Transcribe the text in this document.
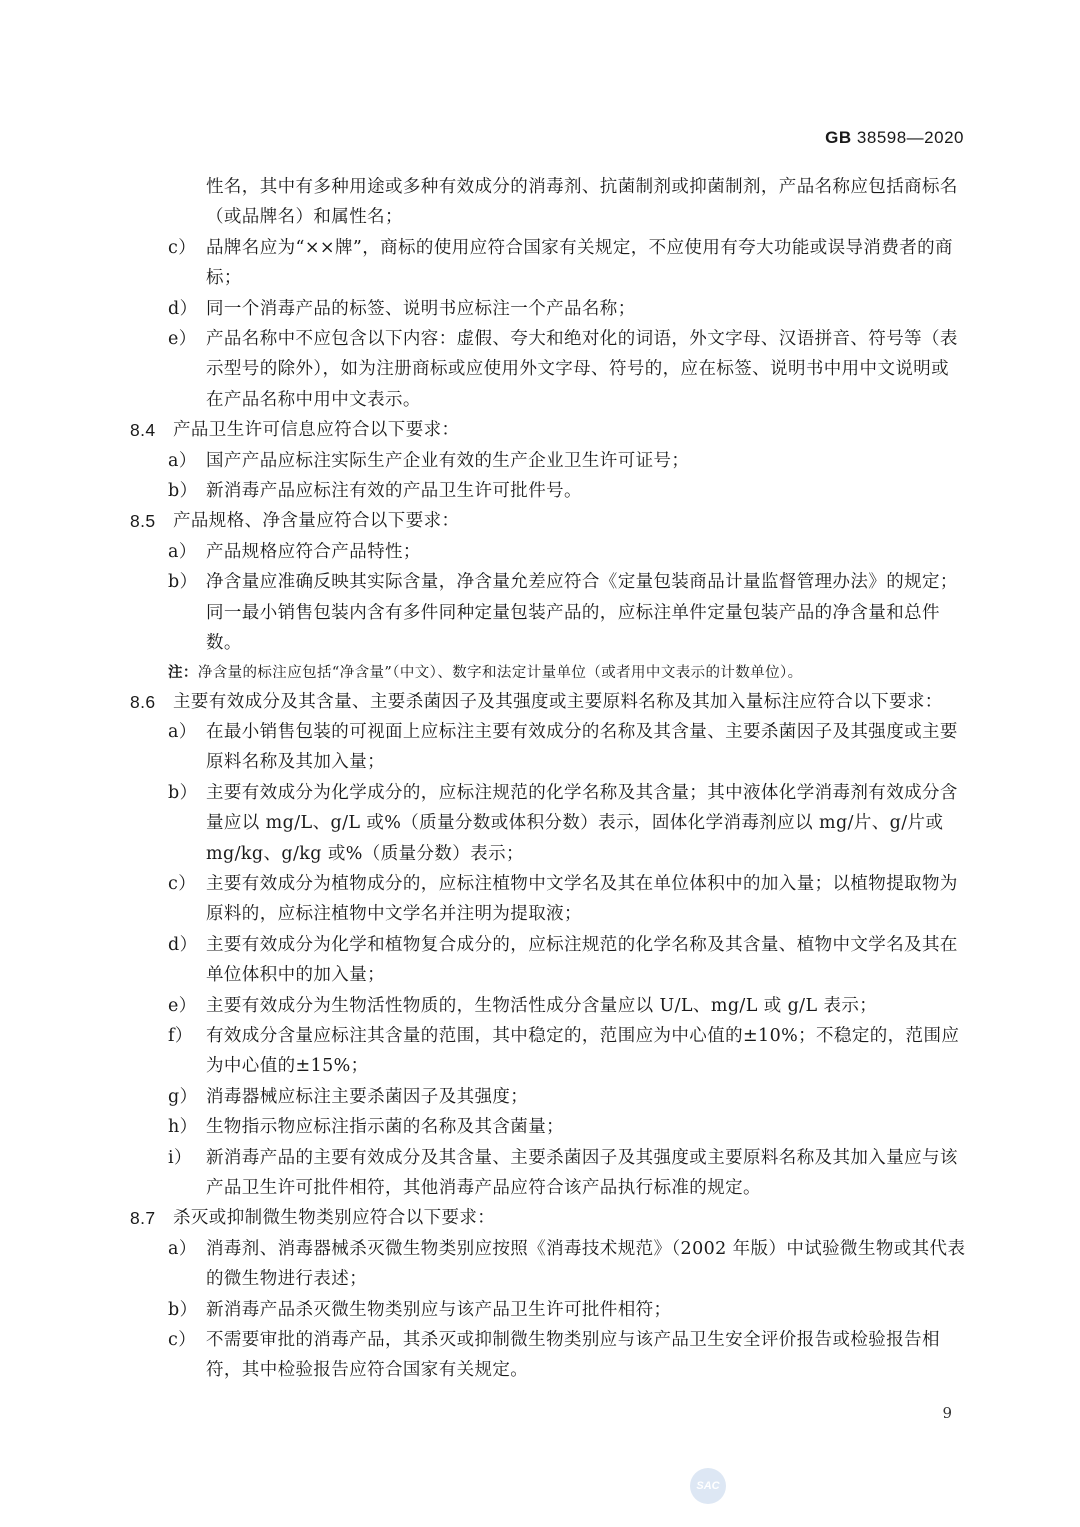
GB 38598—2020
性名，其中有多种用途或多种有效成分的消毒剂、抗菌制剂或抑菌制剂，产品名称应包括商标名（或品牌名）和属性名；
c） 品牌名应为“××牌”，商标的使用应符合国家有关规定，不应使用有夸大功能或误导消费者的商标；
d） 同一个消毒产品的标签、说明书应标注一个产品名称；
e） 产品名称中不应包含以下内容：虚假、夸大和绝对化的词语，外文字母、汉语拼音、符号等（表示型号的除外），如为注册商标或应使用外文字母、符号的，应在标签、说明书中用中文说明或在产品名称中用中文表示。
8.4 产品卫生许可信息应符合以下要求：
a） 国产产品应标注实际生产企业有效的生产企业卫生许可证号；
b） 新消毒产品应标注有效的产品卫生许可批件号。
8.5 产品规格、净含量应符合以下要求：
a） 产品规格应符合产品特性；
b） 净含量应准确反映其实际含量，净含量允差应符合《定量包装商品计量监督管理办法》的规定；同一最小销售包装内含有多件同种定量包装产品的，应标注单件定量包装产品的净含量和总件数。
注：净含量的标注应包括“净含量”（中文）、数字和法定计量单位（或者用中文表示的计数单位）。
8.6 主要有效成分及其含量、主要杀菌因子及其强度或主要原料名称及其加入量标注应符合以下要求：
a） 在最小销售包装的可视面上应标注主要有效成分的名称及其含量、主要杀菌因子及其强度或主要原料名称及其加入量；
b） 主要有效成分为化学成分的，应标注规范的化学名称及其含量；其中液体化学消毒剂有效成分含量应以 mg/L、g/L 或%（质量分数或体积分数）表示，固体化学消毒剂应以 mg/片、g/片或 mg/kg、g/kg 或%（质量分数）表示；
c） 主要有效成分为植物成分的，应标注植物中文学名及其在单位体积中的加入量；以植物提取物为原料的，应标注植物中文学名并注明为提取液；
d） 主要有效成分为化学和植物复合成分的，应标注规范的化学名称及其含量、植物中文学名及其在单位体积中的加入量；
e） 主要有效成分为生物活性物质的，生物活性成分含量应以 U/L、mg/L 或 g/L 表示；
f） 有效成分含量应标注其含量的范围，其中稳定的，范围应为中心值的±10%；不稳定的，范围应为中心值的±15%；
g） 消毒器械应标注主要杀菌因子及其强度；
h） 生物指示物应标注指示菌的名称及其含菌量；
i） 新消毒产品的主要有效成分及其含量、主要杀菌因子及其强度或主要原料名称及其加入量应与该产品卫生许可批件相符，其他消毒产品应符合该产品执行标准的规定。
8.7 杀灭或抑制微生物类别应符合以下要求：
a） 消毒剂、消毒器械杀灭微生物类别应按照《消毒技术规范》（2002 年版）中试验微生物或其代表的微生物进行表述；
b） 新消毒产品杀灭微生物类别应与该产品卫生许可批件相符；
c） 不需要审批的消毒产品，其杀灭或抑制微生物类别应与该产品卫生安全评价报告或检验报告相符，其中检验报告应符合国家有关规定。
9
SAC
